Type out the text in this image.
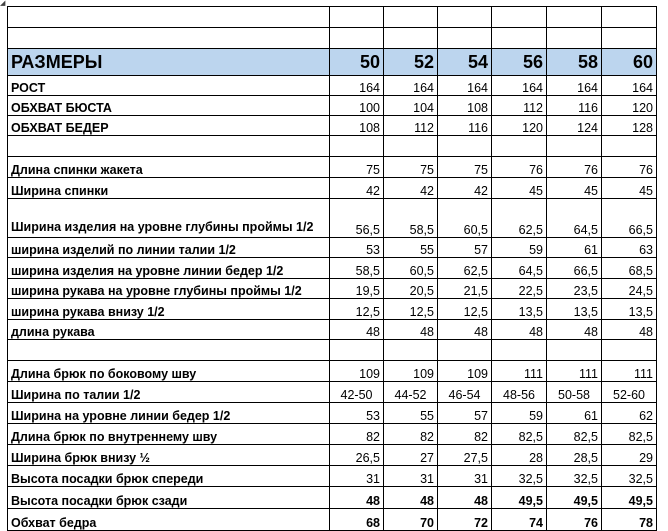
◢

РАЗМЕРЫ	50	52	54	56	58	60
РОСТ	164	164	164	164	164	164
ОБХВАТ БЮСТА	100	104	108	112	116	120
ОБХВАТ БЕДЕР	108	112	116	120	124	128

Длина спинки жакета	75	75	75	76	76	76
Ширина спинки	42	42	42	45	45	45
Ширина изделия на уровне глубины проймы 1/2	56,5	58,5	60,5	62,5	64,5	66,5
ширина изделий по линии талии 1/2	53	55	57	59	61	63
ширина изделия на уровне линии бедер 1/2	58,5	60,5	62,5	64,5	66,5	68,5
ширина рукава на уровне глубины проймы 1/2	19,5	20,5	21,5	22,5	23,5	24,5
ширина рукава внизу 1/2	12,5	12,5	12,5	13,5	13,5	13,5
длина рукава	48	48	48	48	48	48

Длина брюк по боковому шву	109	109	109	111	111	111
Ширина по талии 1/2	42-50	44-52	46-54	48-56	50-58	52-60
Ширина на уровне линии бедер 1/2	53	55	57	59	61	62
Длина брюк по внутреннему шву	82	82	82	82,5	82,5	82,5
Ширина брюк внизу ½	26,5	27	27,5	28	28,5	29
Высота посадки брюк спереди	31	31	31	32,5	32,5	32,5
Высота посадки брюк сзади	48	48	48	49,5	49,5	49,5
Обхват бедра	68	70	72	74	76	78
